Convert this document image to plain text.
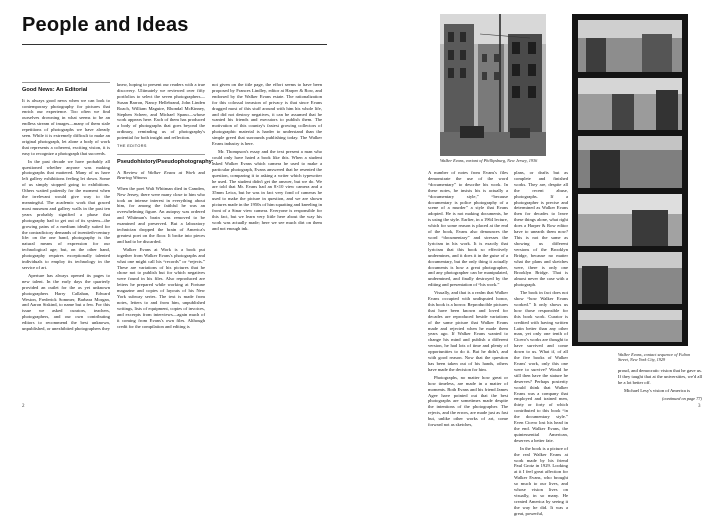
People and Ideas
Good News: An Editorial

It is always good news when we can look to contemporary photography for pictures that enrich our experience. Too often we find ourselves drowning in what seems to be an endless stream of images—many of them stale repetitions of photographs we have already seen. While it is extremely difficult to make an original photograph, let alone a body of work that represents a coherent, exciting vision, it is easy to recognize a photograph that succeeds.

In the past decade we have probably all questioned whether anyone was making photographs that mattered. Many of us have left gallery exhibitions feeling let down. Some of us simply stopped going to exhibitions. Others waited patiently for the moment when the irrelevant would give way to the meaningful. The academic work that graced most museum and gallery walls in the past ten years probably signified a phase that photography had to get out of its system—the growing pains of a medium ideally suited for the contradictory demands of twentieth-century life: on the one hand, photography is the natural means of expression for our technological age; but, on the other hand, photography requires exceptionally talented individuals to employ its technology in the service of art.

Aperture has always opened its pages to new talent. In the early days the quarterly provided an outlet for the as yet unknown photographers Harry Callahan, Edward Weston, Frederick Sommer, Barbara Morgan, and Aaron Siskind, to name but a few. For this issue we asked curators, teachers, photographers, and our own contributing editors to recommend the best unknown, unpublished, or unexhibited photographers they

knew, hoping to present our readers with a true discovery. Ultimately we reviewed over fifty portfolios to select the seven photographers—Susan Barron, Nancy Hellebrand, John Linden Roach, William Maguire, Rhondal McKinney, Stephen Scheer, and Michael Spano—whose work appears here. Each of them has produced a body of photographs that goes beyond the ordinary, reminding us of photography's potential for both insight and reflection.

THE EDITORS
Pseudohistory/Pseudophotography:
A Review of Walker Evans at Work and Bearing Witness

When the poet Walt Whitman died in Camden, New Jersey, there were many close to him who took an intense interest in everything about him, for among the faithful he was an overwhelming figure. An autopsy was ordered and Whitman's brain was removed to be examined and preserved. But a laboratory technician dropped the brain of America's greatest poet on the floor. It broke into pieces and had to be discarded.

Walker Evans at Work is a book put together from Walker Evans's photographs and what one might call his “records” or “rejects.” These are variations of his pictures that he chose not to publish but for which negatives were found in his files. Also reproduced are letters he prepared while working at Fortune magazine and copies of layouts of his New York subway series. The text is made from notes, letters to and from him, unpublished writings, lists of equipment, copies of invoices, and excerpts from interviews—again much of it coming from Evans's own files. Although credit for the compilation and editing is

not given on the title page, the effort seems to have been proposed by Frances Lindley, editor at Harper & Row, and endorsed by the Walker Evans estate. The rationalization for this colossal invasion of privacy is that since Evans dragged most of this stuff around with him his whole life, and did not destroy negatives, it can be assumed that he wanted his friends and executors to publish them. The motivation of this country's fastest growing collectors of photographic material is harder to understand than the simple greed that surrounds publishing today. The Walker Evans industry is here.

Mr. Thompson's essay and the text present a man who could only have hated a book like this. When a student asked Walker Evans which camera he used to make a particular photograph, Evans answered that he resented the question, comparing it to asking a writer which typewriter he used. The student didn't get the answer, but we do. We are told that Mr. Evans had an 8×10 view camera and a 35mm Leica, but he was in fact very fond of cameras he used to make the picture in question, and we are shown pictures made in the 1950s of him squatting and kneeling in front of a Sinar view camera. Everyone is responsible for this fact, but we learn very little here about the way his work was actually made; here we see much dirt on them and not enough ink.

2
Walker Evans, variant of Phillipsburg, New Jersey, 1936
Walker Evans, contact sequence of Fulton Street, New York City, 1929

A number of notes from Evans's files demonstrate the use of the word “documentary” to describe his work. In these notes, he insists his is actually a “documentary style,” “because documentary is police photography of a scene of a murder” a style that Evans adopted. He is not making documents, he is using the style. Earlier, in a 1964 lecture, which for some reason is placed at the end of the book, Evans also denounces the word “documentary” and stresses the lyricism in his work. It is exactly that lyricism that this book so effectively undermines, and it does it in the guise of a documentary, but the only thing it actually documents is how a great photographer, and any photographer can be manipulated, undermined, and finally destroyed by the editing and presentation of “his work.”

Visually, and that is a realm that Walker Evans occupied with undisputed honor, this book is a horror. Reproducible pictures that have been known and loved for decades are reproduced beside variations of the same picture that Walker Evans made and rejected when he made them years ago. If Walker Evans wanted to change his mind and publish a different version, he had lots of time and plenty of opportunities to do it. But he didn't, and with good reason. Now that the question has been taken out of his hands, others have made the decision for him.

Photographs, no matter how great or how timeless, are made in a matter of moments. Both Evans and his friend James Agee have pointed out that the best photographs are sometimes made despite the intentions of the photographer. The rejects, and the errors, are made just as fast but, unlike other works of art, come forward not as sketches,

plans, or drafts but as complete and finished works. They are, despite all the recent abuse, photographs. If a photographer is precise and determined as Walker Evans then for decades to leave these things alone, what right does a Harper & Row editor have to unearth them now? This is not the same as showing us different versions of the Brooklyn Bridge, because no matter what the plans and sketches were, there is only one Brooklyn Bridge. That is almost never the case with a photograph.

The book in fact does not show “how Walker Evans worked.” It only shows us how those responsible for this book work. Curator is credited with having written Latin better than any other man, yet only one tenth of Cicero's works are thought to have survived and come down to us. What if, of all the five books of Walker Evans' work, only this one were to survive? Would he still then have the stature he deserves? Perhaps posterity would think that Walker Evans was a company that employed and trained men, thirty or forty of which contributed to this book “in the documentary style.” Even Cicero lost his head in the end. Walker Evans, the quintessential American, deserves a better fate.

In the book is a picture of the real Walker Evans at work made by his friend Paul Grotz in 1929. Looking at it I feel great affection for Walker Evans, who brought so much to our lives, and whose vision lives on visually, in so many. He created America by seeing it the way he did. It was a great, powerful,

proud, and democratic vision that he gave us. If they taught that at the universities, we'd all be a lot better off.

Michael Lesy's vision of America is

(continued on page 77)
3
